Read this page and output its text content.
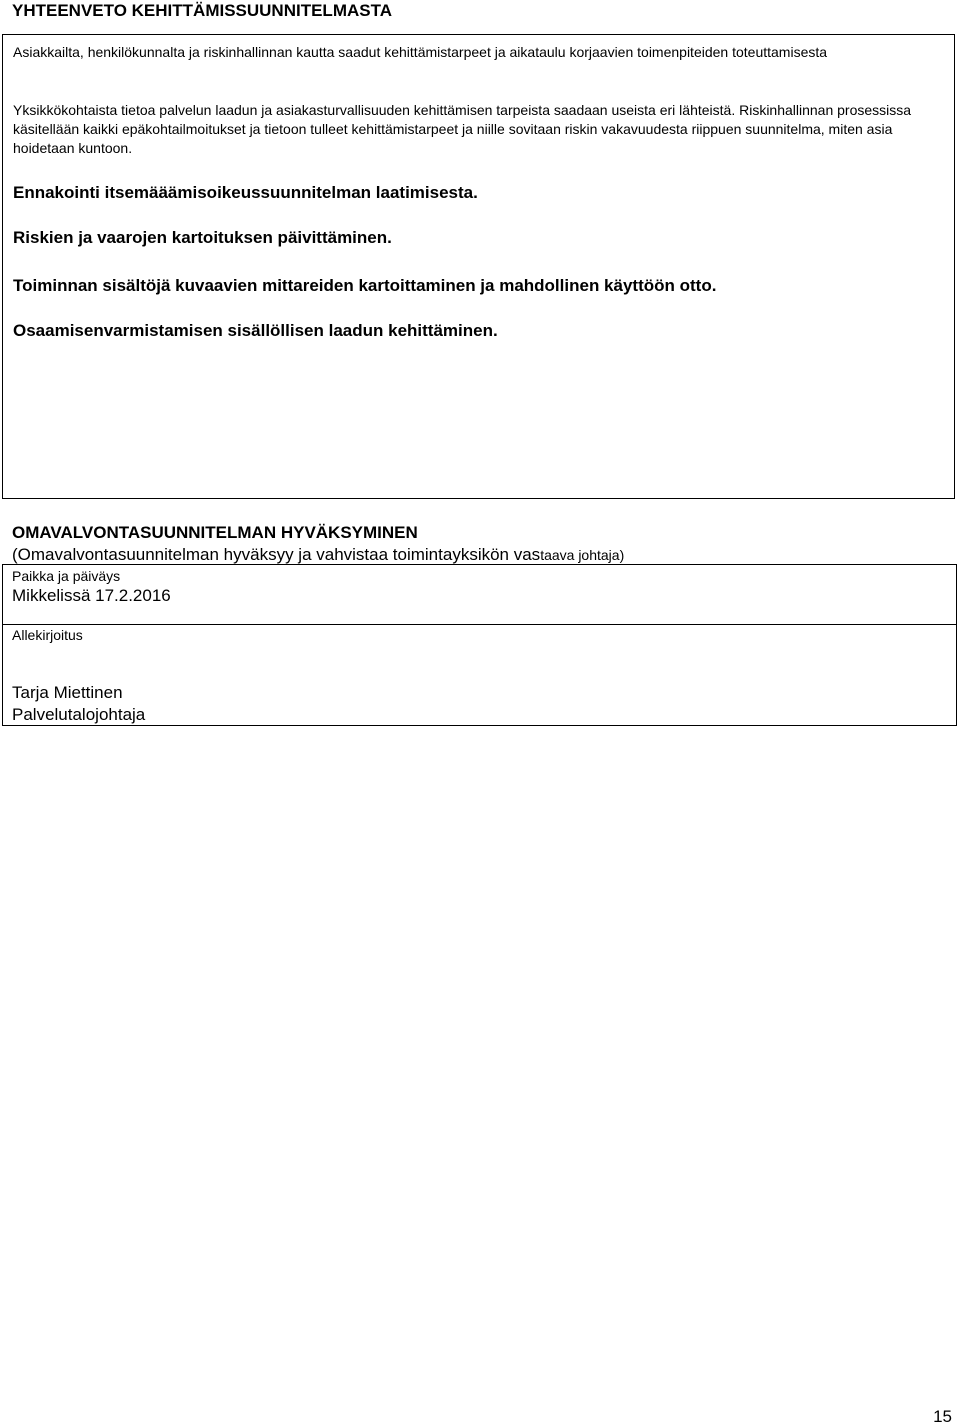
YHTEENVETO KEHITTÄMISSUUNNITELMASTA

Asiakkailta, henkilökunnalta ja riskinhallinnan kautta saadut kehittämistarpeet ja aikataulu korjaavien toimenpiteiden toteuttamisesta

Yksikkökohtaista tietoa palvelun laadun ja asiakasturvallisuuden kehittämisen tarpeista saadaan useista eri lähteistä. Riskinhallinnan prosessissa käsitellään kaikki epäkohtailmoitukset ja tietoon tulleet kehittämistarpeet ja niille sovitaan riskin vakavuudesta riippuen suunnitelma, miten asia hoidetaan kuntoon.

Ennakointi itsemääämisoikeussuunnitelman laatimisesta.

Riskien ja vaarojen kartoituksen päivittäminen.

Toiminnan sisältöjä kuvaavien mittareiden kartoittaminen ja mahdollinen käyttöön otto.

Osaamisenvarmistamisen sisällöllisen laadun kehittäminen.

OMAVALVONTASUUNNITELMAN HYVÄKSYMINEN

(Omavalvontasuunnitelman hyväksyy ja vahvistaa toimintayksikön vastaava johtaja)

Paikka ja päiväys

Mikkelissä 17.2.2016

Allekirjoitus

Tarja Miettinen

Palvelutalojohtaja

15
